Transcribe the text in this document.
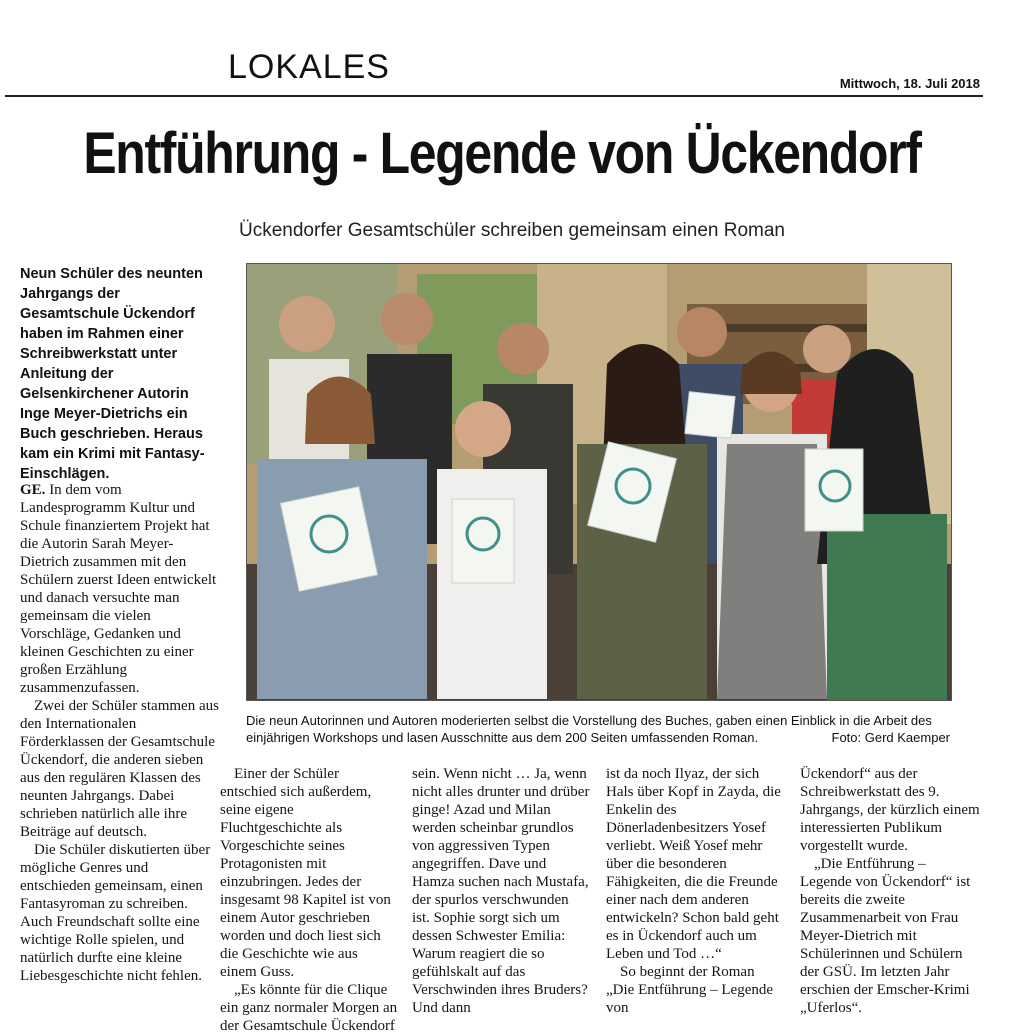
LOKALES	Mittwoch, 18. Juli 2018
Entführung - Legende von Ückendorf
Ückendorfer Gesamtschüler schreiben gemeinsam einen Roman
Neun Schüler des neunten Jahrgangs der Gesamtschule Ückendorf haben im Rahmen einer Schreibwerkstatt unter Anleitung der Gelsenkirchener Autorin Inge Meyer-Dietrichs ein Buch geschrieben. Heraus kam ein Krimi mit Fantasy-Einschlägen.
Die neun Autorinnen und Autoren moderierten selbst die Vorstellung des Buches, gaben einen Einblick in die Arbeit des einjährigen Workshops und lasen Ausschnitte aus dem 200 Seiten umfassenden Roman.	Foto: Gerd Kaemper

GE. In dem vom Landesprogramm Kultur und Schule finanziertem Projekt hat die Autorin Sarah Meyer-Dietrich zusammen mit den Schülern zuerst Ideen entwickelt und danach versuchte man gemeinsam die vielen Vorschläge, Gedanken und kleinen Geschichten zu einer großen Erzählung zusammenzufassen.

Zwei der Schüler stammen aus den Internationalen Förderklassen der Gesamtschule Ückendorf, die anderen sieben aus den regulären Klassen des neunten Jahrgangs. Dabei schrieben natürlich alle ihre Beiträge auf deutsch.

Die Schüler diskutierten über mögliche Genres und entschieden gemeinsam, einen Fantasyroman zu schreiben. Auch Freundschaft sollte eine wichtige Rolle spielen, und natürlich durfte eine kleine Liebesgeschichte nicht fehlen.

Einer der Schüler entschied sich außerdem, seine eigene Fluchtgeschichte als Vorgeschichte seines Protagonisten mit einzubringen. Jedes der insgesamt 98 Kapitel ist von einem Autor geschrieben worden und doch liest sich die Geschichte wie aus einem Guss.

„Es könnte für die Clique ein ganz normaler Morgen an der Gesamtschule Ückendorf

sein. Wenn nicht … Ja, wenn nicht alles drunter und drüber ginge! Azad und Milan werden scheinbar grundlos von aggressiven Typen angegriffen. Dave und Hamza suchen nach Mustafa, der spurlos verschwunden ist. Sophie sorgt sich um dessen Schwester Emilia: Warum reagiert die so gefühlskalt auf das Verschwinden ihres Bruders? Und dann

ist da noch Ilyaz, der sich Hals über Kopf in Zayda, die Enkelin des Dönerladenbesitzers Yosef verliebt. Weiß Yosef mehr über die besonderen Fähigkeiten, die die Freunde einer nach dem anderen entwickeln? Schon bald geht es in Ückendorf auch um Leben und Tod …“

So beginnt der Roman „Die Entführung – Legende von

Ückendorf“ aus der Schreibwerkstatt des 9. Jahrgangs, der kürzlich einem interessierten Publikum vorgestellt wurde.

„Die Entführung – Legende von Ückendorf“ ist bereits die zweite Zusammenarbeit von Frau Meyer-Dietrich mit Schülerinnen und Schülern der GSÜ. Im letzten Jahr erschien der Emscher-Krimi „Uferlos“.
